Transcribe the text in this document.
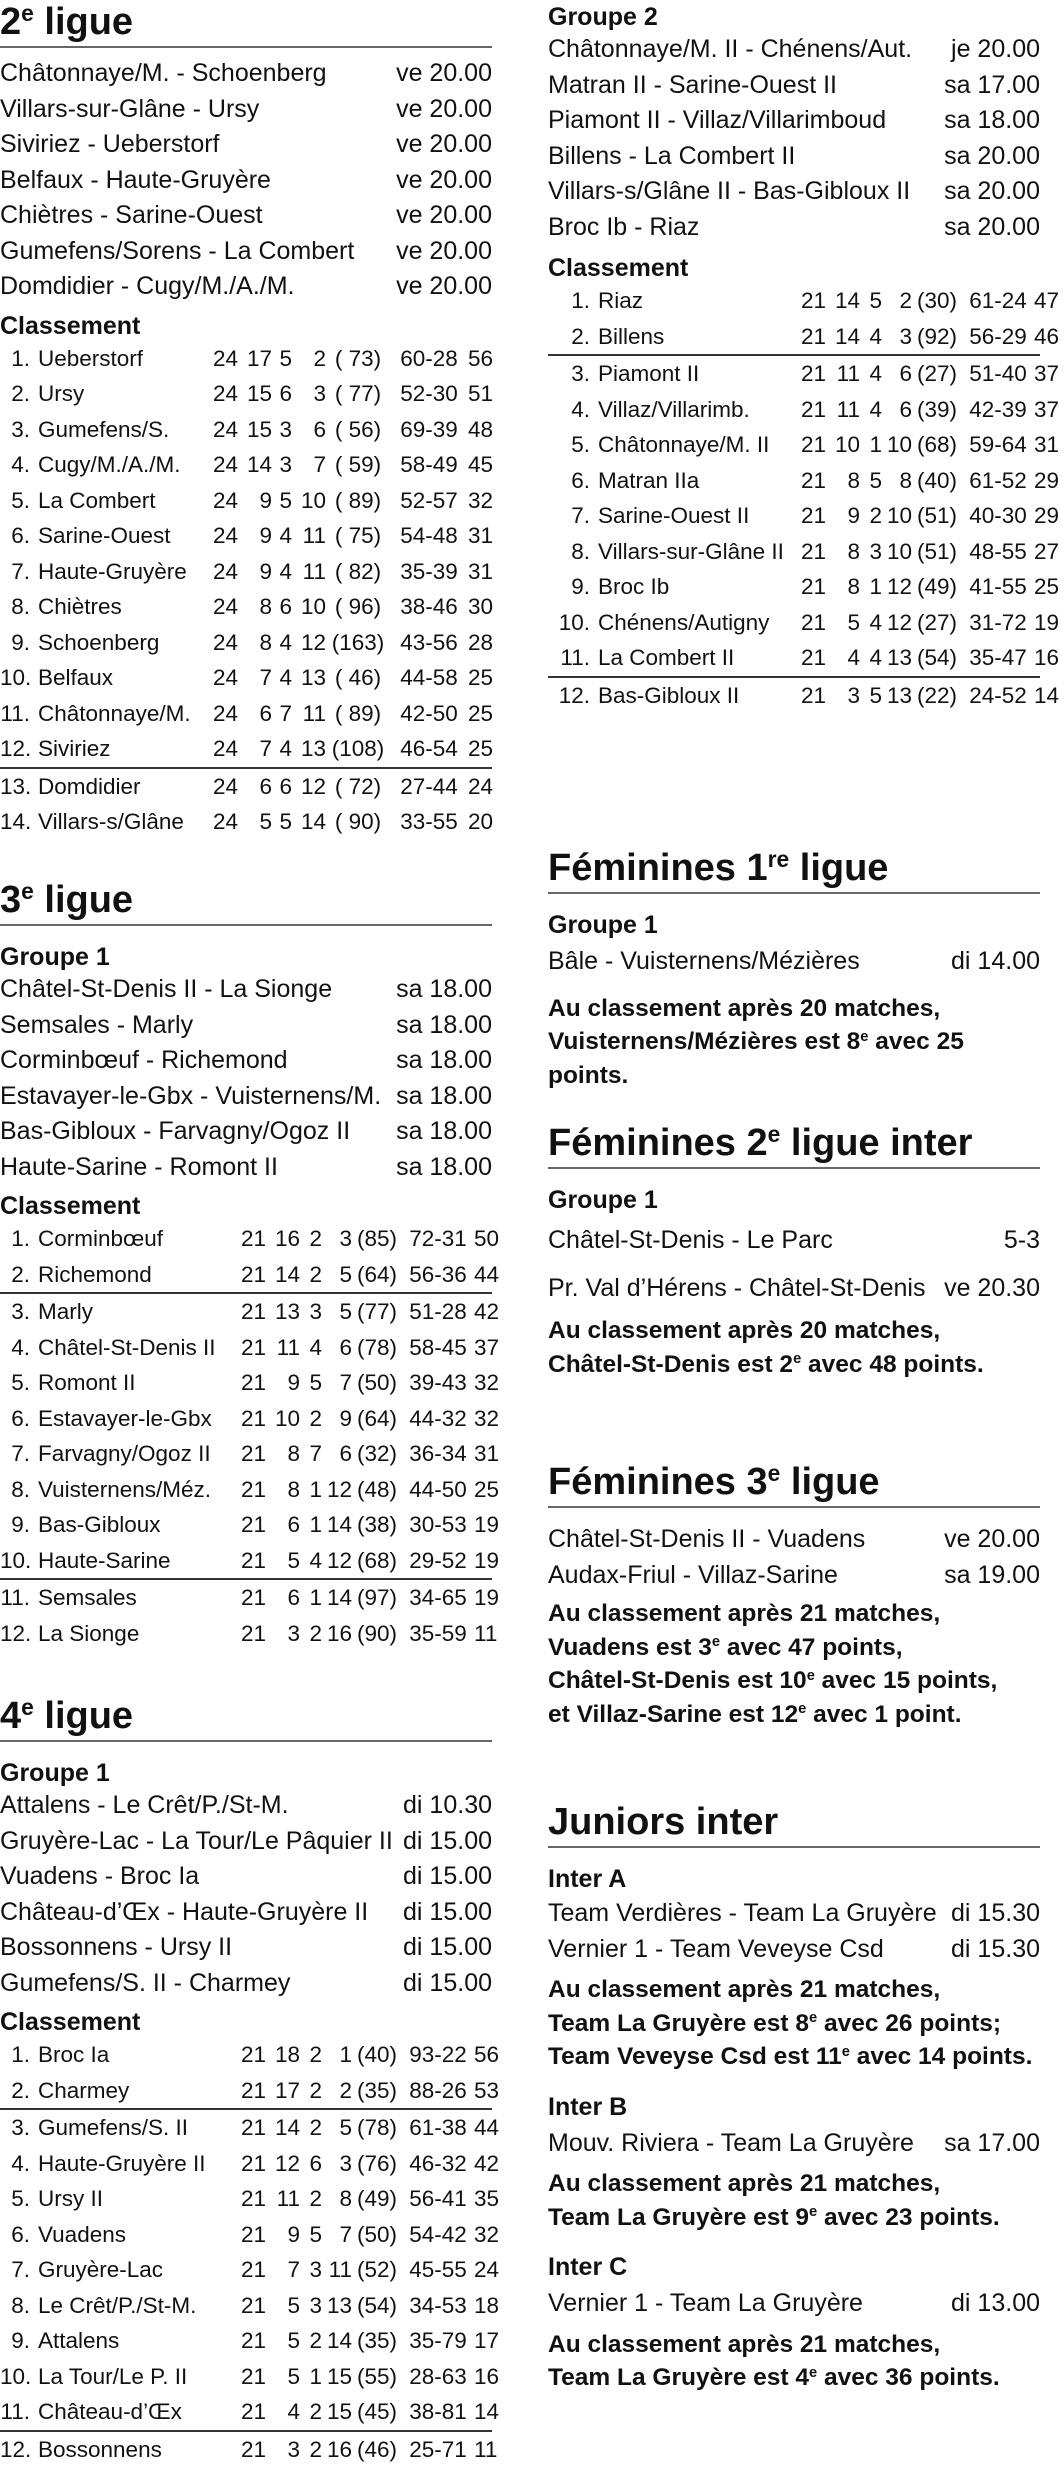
2e ligue
Châtonnaye/M. - Schoenberg	ve 20.00
Villars-sur-Glâne - Ursy	ve 20.00
Siviriez - Ueberstorf	ve 20.00
Belfaux - Haute-Gruyère	ve 20.00
Chiètres - Sarine-Ouest	ve 20.00
Gumefens/Sorens - La Combert	ve 20.00
Domdidier - Cugy/M./A./M.	ve 20.00
Classement
1. Ueberstorf	24 17 5 2 ( 73) 60-28 56
2. Ursy	24 15 6 3 ( 77) 52-30 51
3. Gumefens/S.	24 15 3 6 ( 56) 69-39 48
4. Cugy/M./A./M.	24 14 3 7 ( 59) 58-49 45
5. La Combert	24 9 5 10 ( 89) 52-57 32
6. Sarine-Ouest	24 9 4 11 ( 75) 54-48 31
7. Haute-Gruyère	24 9 4 11 ( 82) 35-39 31
8. Chiètres	24 8 6 10 ( 96) 38-46 30
9. Schoenberg	24 8 4 12 (163) 43-56 28
10. Belfaux	24 7 4 13 ( 46) 44-58 25
11. Châtonnaye/M. 24 6 7 11 ( 89) 42-50 25
12. Siviriez	24 7 4 13 (108) 46-54 25
13. Domdidier	24 6 6 12 ( 72) 27-44 24
14. Villars-s/Glâne	24 5 5 14 ( 90) 33-55 20
3e ligue
Groupe 1
Châtel-St-Denis II - La Sionge	sa 18.00
Semsales - Marly	sa 18.00
Corminbœuf - Richemond	sa 18.00
Estavayer-le-Gbx - Vuisternens/M. sa 18.00
Bas-Gibloux - Farvagny/Ogoz II	sa 18.00
Haute-Sarine - Romont II	sa 18.00
Classement
1. Corminbœuf	21 16 2 3 (85) 72-31 50
2. Richemond	21 14 2 5 (64) 56-36 44
3. Marly	21 13 3 5 (77) 51-28 42
4. Châtel-St-Denis II	21 11 4 6 (78) 58-45 37
5. Romont II	21 9 5 7 (50) 39-43 32
6. Estavayer-le-Gbx	21 10 2 9 (64) 44-32 32
7. Farvagny/Ogoz II	21 8 7 6 (32) 36-34 31
8. Vuisternens/Méz.	21 8 1 12 (48) 44-50 25
9. Bas-Gibloux	21 6 1 14 (38) 30-53 19
10. Haute-Sarine	21 5 4 12 (68) 29-52 19
11. Semsales	21 6 1 14 (97) 34-65 19
12. La Sionge	21 3 2 16 (90) 35-59 11
4e ligue
Groupe 1
Attalens - Le Crêt/P./St-M.	di 10.30
Gruyère-Lac - La Tour/Le Pâquier II di 15.00
Vuadens - Broc Ia	di 15.00
Château-d’Œx - Haute-Gruyère II	di 15.00
Bossonnens - Ursy II	di 15.00
Gumefens/S. II - Charmey	di 15.00
Classement
1. Broc Ia	21 18 2 1 (40) 93-22 56
2. Charmey	21 17 2 2 (35) 88-26 53
3. Gumefens/S. II	21 14 2 5 (78) 61-38 44
4. Haute-Gruyère II	21 12 6 3 (76) 46-32 42
5. Ursy II	21 11 2 8 (49) 56-41 35
6. Vuadens	21 9 5 7 (50) 54-42 32
7. Gruyère-Lac	21 7 3 11 (52) 45-55 24
8. Le Crêt/P./St-M.	21 5 3 13 (54) 34-53 18
9. Attalens	21 5 2 14 (35) 35-79 17
10. La Tour/Le P. II	21 5 1 15 (55) 28-63 16
11. Château-d’Œx	21 4 2 15 (45) 38-81 14
12. Bossonnens	21 3 2 16 (46) 25-71 11
Groupe 2
Châtonnaye/M. II - Chénens/Aut.	je 20.00
Matran II - Sarine-Ouest II	sa 17.00
Piamont II - Villaz/Villarimboud	sa 18.00
Billens - La Combert II	sa 20.00
Villars-s/Glâne II - Bas-Gibloux II	sa 20.00
Broc Ib - Riaz	sa 20.00
Classement
1. Riaz	21 14 5 2 (30) 61-24 47
2. Billens	21 14 4 3 (92) 56-29 46
3. Piamont II	21 11 4 6 (27) 51-40 37
4. Villaz/Villarimb.	21 11 4 6 (39) 42-39 37
5. Châtonnaye/M. II	21 10 1 10 (68) 59-64 31
6. Matran IIa	21 8 5 8 (40) 61-52 29
7. Sarine-Ouest II	21 9 2 10 (51) 40-30 29
8. Villars-sur-Glâne II 21 8 3 10 (51) 48-55 27
9. Broc Ib	21 8 1 12 (49) 41-55 25
10. Chénens/Autigny	21 5 4 12 (27) 31-72 19
11. La Combert II	21 4 4 13 (54) 35-47 16
12. Bas-Gibloux II	21 3 5 13 (22) 24-52 14
Féminines 1re ligue
Groupe 1
Bâle - Vuisternens/Mézières	di 14.00
Au classement après 20 matches,
Vuisternens/Mézières est 8e avec 25 points.
Féminines 2e ligue inter
Groupe 1
Châtel-St-Denis - Le Parc	5-3
Pr. Val d’Hérens - Châtel-St-Denis ve 20.30
Au classement après 20 matches,
Châtel-St-Denis est 2e avec 48 points.
Féminines 3e ligue
Châtel-St-Denis II - Vuadens	ve 20.00
Audax-Friul - Villaz-Sarine	sa 19.00
Au classement après 21 matches,
Vuadens est 3e avec 47 points,
Châtel-St-Denis est 10e avec 15 points,
et Villaz-Sarine est 12e avec 1 point.
Juniors inter
Inter A
Team Verdières - Team La Gruyère di 15.30
Vernier 1 - Team Veveyse Csd	di 15.30
Au classement après 21 matches,
Team La Gruyère est 8e avec 26 points;
Team Veveyse Csd est 11e avec 14 points.
Inter B
Mouv. Riviera - Team La Gruyère	sa 17.00
Au classement après 21 matches,
Team La Gruyère est 9e avec 23 points.
Inter C
Vernier 1 - Team La Gruyère	di 13.00
Au classement après 21 matches,
Team La Gruyère est 4e avec 36 points.
